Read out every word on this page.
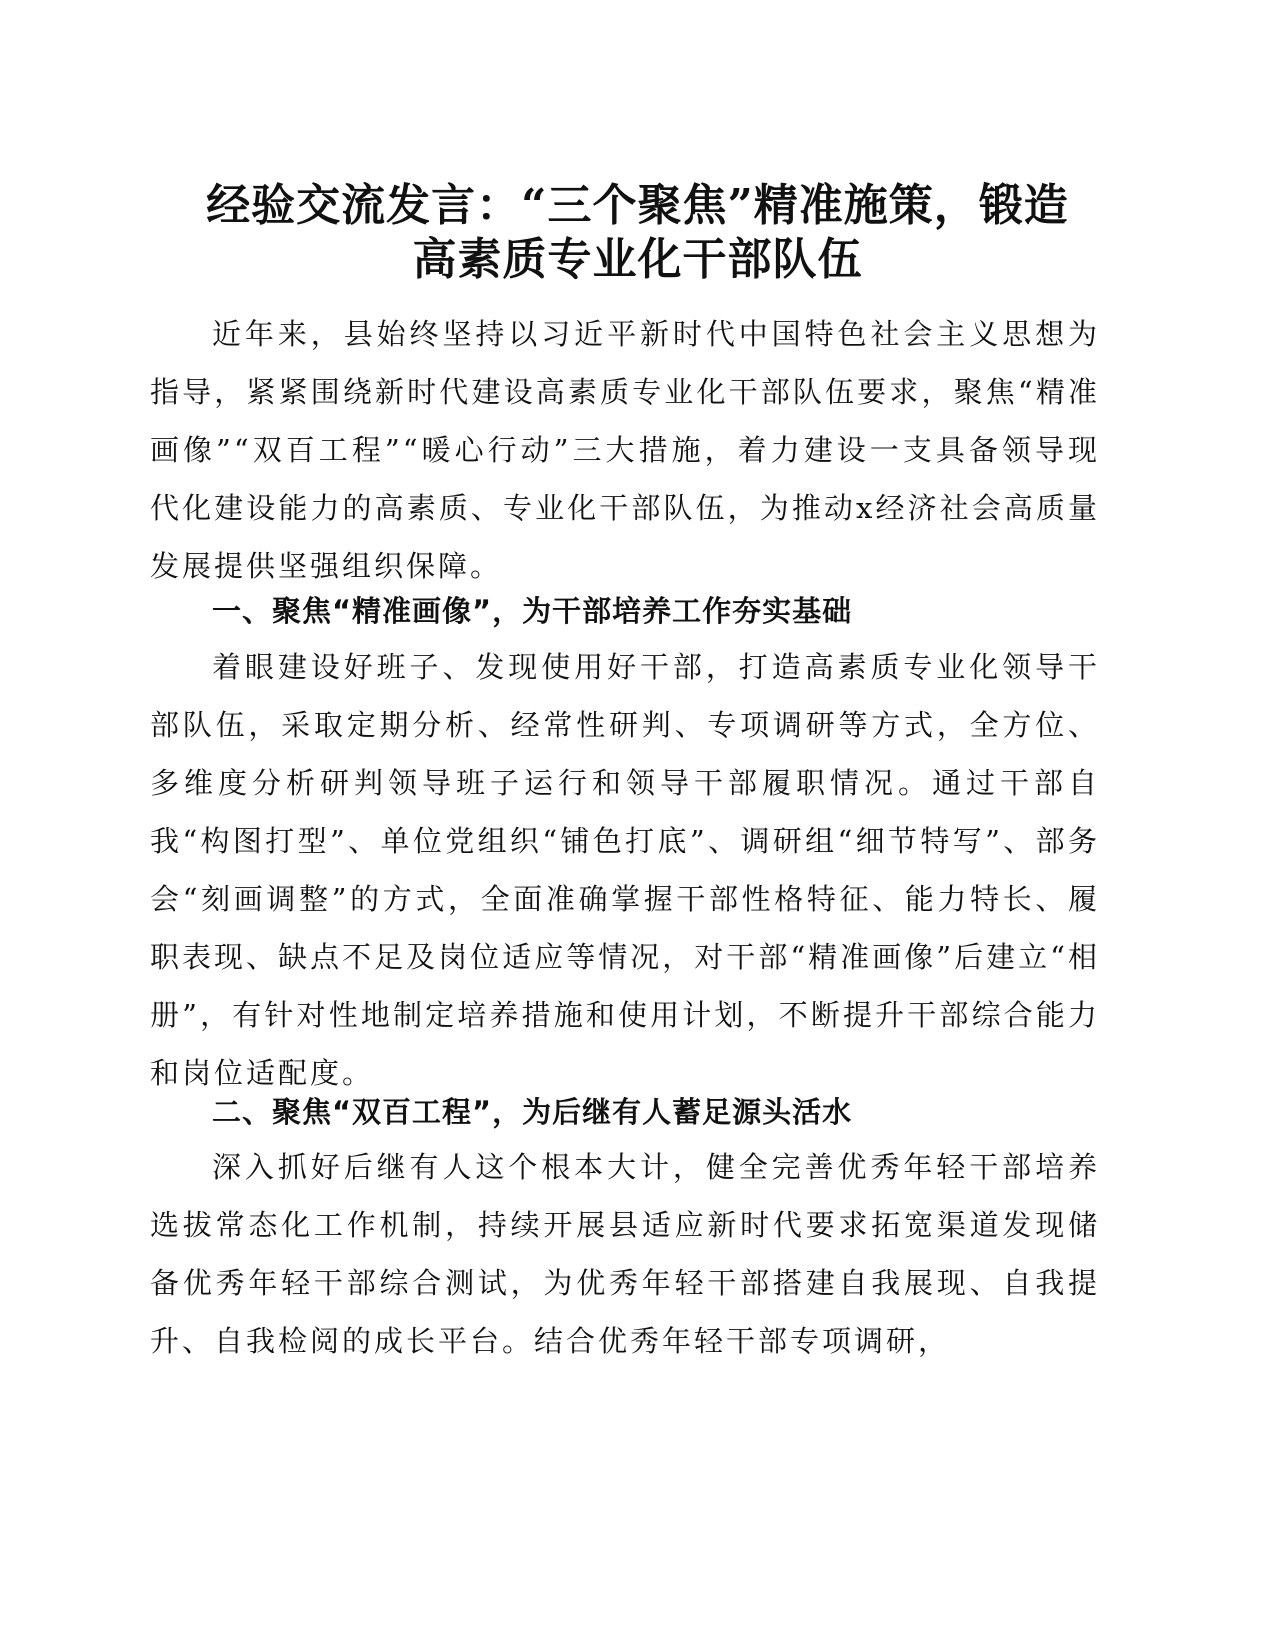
经验交流发言：“三个聚焦”精准施策，锻造
高素质专业化干部队伍

近年来，县始终坚持以习近平新时代中国特色社会主义思想为指导，紧紧围绕新时代建设高素质专业化干部队伍要求，聚焦“精准画像”“双百工程”“暖心行动”三大措施，着力建设一支具备领导现代化建设能力的高素质、专业化干部队伍，为推动x经济社会高质量发展提供坚强组织保障。

一、聚焦“精准画像”，为干部培养工作夯实基础

着眼建设好班子、发现使用好干部，打造高素质专业化领导干部队伍，采取定期分析、经常性研判、专项调研等方式，全方位、多维度分析研判领导班子运行和领导干部履职情况。通过干部自我“构图打型”、单位党组织“铺色打底”、调研组“细节特写”、部务会“刻画调整”的方式，全面准确掌握干部性格特征、能力特长、履职表现、缺点不足及岗位适应等情况，对干部“精准画像”后建立“相册”，有针对性地制定培养措施和使用计划，不断提升干部综合能力和岗位适配度。

二、聚焦“双百工程”，为后继有人蓄足源头活水

深入抓好后继有人这个根本大计，健全完善优秀年轻干部培养选拔常态化工作机制，持续开展县适应新时代要求拓宽渠道发现储备优秀年轻干部综合测试，为优秀年轻干部搭建自我展现、自我提升、自我检阅的成长平台。结合优秀年轻干部专项调研，
